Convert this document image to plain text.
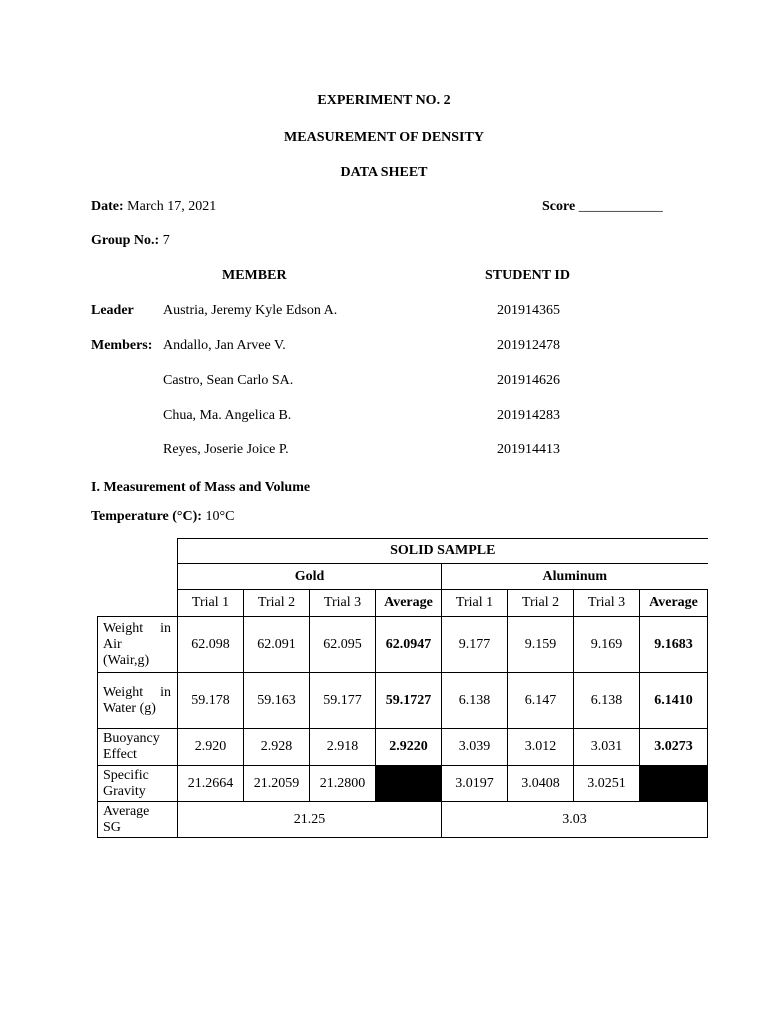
EXPERIMENT NO. 2
MEASUREMENT OF DENSITY
DATA SHEET
Date: March 17, 2021	Score ____________
Group No.: 7
MEMBER	STUDENT ID
Leader Austria, Jeremy Kyle Edson A.	201914365
Members: Andallo, Jan Arvee V.	201912478
Castro, Sean Carlo SA.	201914626
Chua, Ma. Angelica B.	201914283
Reyes, Joserie Joice P.	201914413
I. Measurement of Mass and Volume
Temperature (°C): 10°C
	SOLID SAMPLE							
	Gold				Aluminum			
	Trial 1	Trial 2	Trial 3	Average	Trial 1	Trial 2	Trial 3	Average

Weight in
Air
(Wair,g)	62.098	62.091	62.095	62.0947	9.177	9.159	9.169	9.1683

Weight in
Water (g)	59.178	59.163	59.177	59.1727	6.138	6.147	6.138	6.1410

Buoyancy
Effect	2.920	2.928	2.918	2.9220	3.039	3.012	3.031	3.0273

Specific
Gravity	21.2664	21.2059	21.2800		3.0197	3.0408	3.0251	

Average
SG	21.25				3.03			
